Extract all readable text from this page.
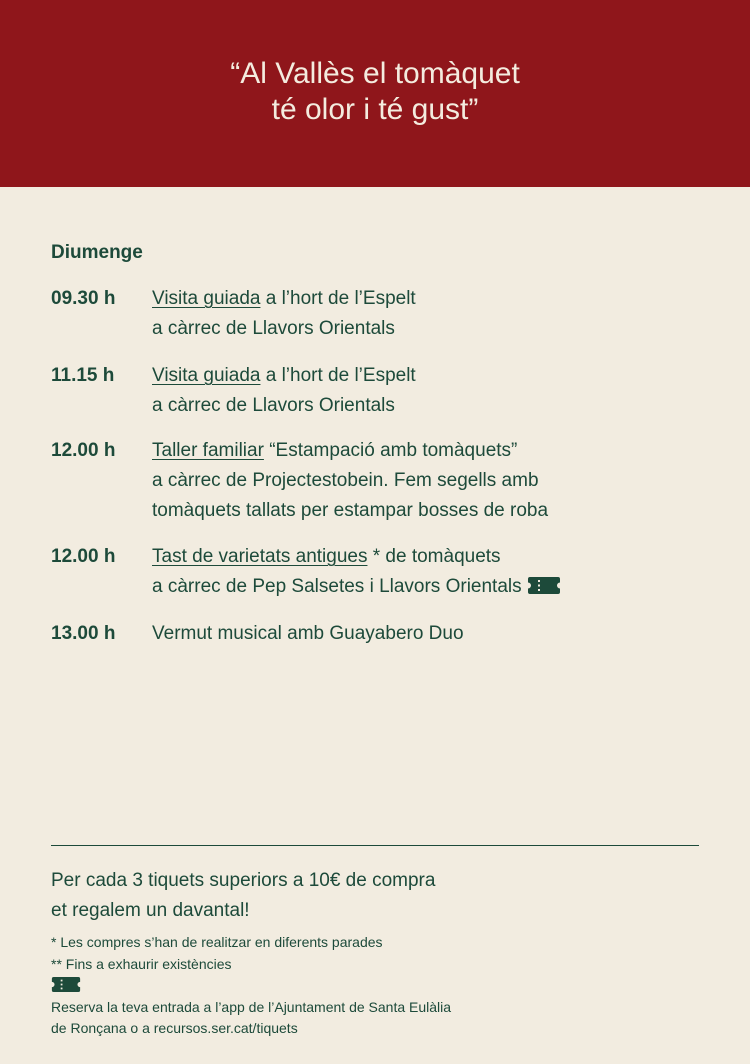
“Al Vallès el tomàquet
té olor i té gust”
Diumenge
09.30 h	Visita guiada a l’hort de l’Espelt
a càrrec de Llavors Orientals
11.15 h	Visita guiada a l’hort de l’Espelt
a càrrec de Llavors Orientals
12.00 h	Taller familiar “Estampació amb tomàquets”
a càrrec de Projectestobein. Fem segells amb
tomàquets tallats per estampar bosses de roba
12.00 h	Tast de varietats antigues * de tomàquets
a càrrec de Pep Salsetes i Llavors Orientals
13.00 h	Vermut musical amb Guayabero Duo
Per cada 3 tiquets superiors a 10€ de compra
et regalem un davantal!
* Les compres s’han de realitzar en diferents parades
** Fins a exhaurir existències
Reserva la teva entrada a l’app de l’Ajuntament de Santa Eulàlia
de Ronçana o a recursos.ser.cat/tiquets
